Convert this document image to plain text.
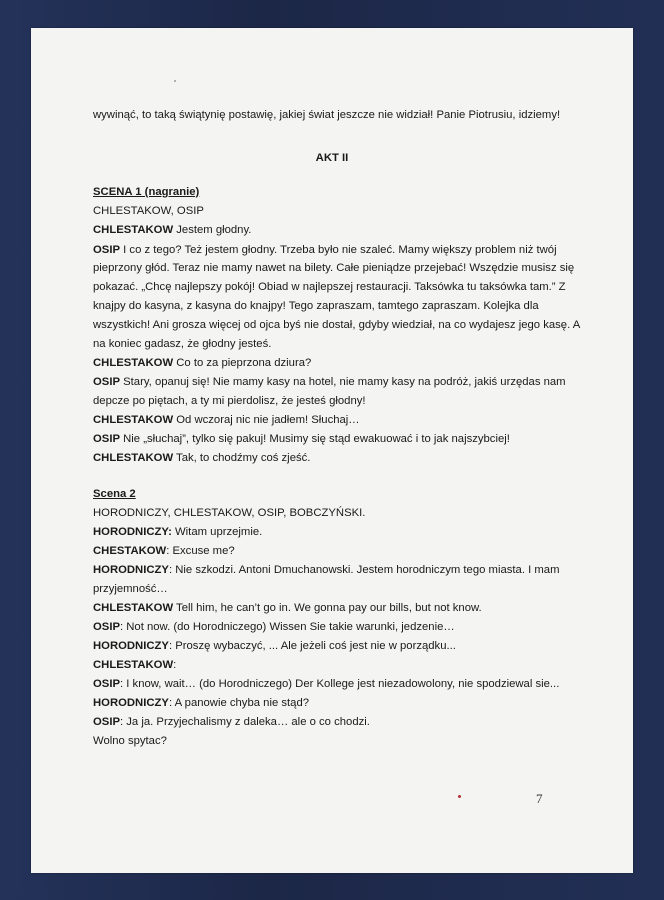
wywinąć, to taką świątynię postawię, jakiej świat jeszcze nie widział! Panie Piotrusiu, idziemy!
AKT II
SCENA 1 (nagranie)
CHLESTAKOW, OSIP
CHLESTAKOW Jestem głodny.
OSIP I co z tego? Też jestem głodny. Trzeba było nie szaleć. Mamy większy problem niż twój
pieprzony głód. Teraz nie mamy nawet na bilety. Całe pieniądze przejebać! Wszędzie musisz się
pokazać. „Chcę najlepszy pokój! Obiad w najlepszej restauracji. Taksówka tu taksówka tam.” Z
knajpy do kasyna, z kasyna do knajpy! Tego zapraszam, tamtego zapraszam. Kolejka dla
wszystkich! Ani grosza więcej od ojca byś nie dostał, gdyby wiedział, na co wydajesz jego kasę. A
na koniec gadasz, że głodny jesteś.
CHLESTAKOW Co to za pieprzona dziura?
OSIP Stary, opanuj się! Nie mamy kasy na hotel, nie mamy kasy na podróż, jakiś urzędas nam
depcze po piętach, a ty mi pierdolisz, że jesteś głodny!
CHLESTAKOW Od wczoraj nic nie jadłem! Słuchaj…
OSIP Nie „słuchaj”, tylko się pakuj! Musimy się stąd ewakuować i to jak najszybciej!
CHLESTAKOW Tak, to chodźmy coś zjeść.
Scena 2
HORODNICZY, CHLESTAKOW, OSIP, BOBCZYŃSKI.
HORODNICZY: Witam uprzejmie.
CHESTAKOW: Excuse me?
HORODNICZY: Nie szkodzi. Antoni Dmuchanowski. Jestem horodniczym tego miasta. I mam
przyjemność…
CHLESTAKOW Tell him, he can’t go in. We gonna pay our bills, but not know.
OSIP: Not now. (do Horodniczego) Wissen Sie takie warunki, jedzenie…
HORODNICZY: Proszę wybaczyć, ... Ale jeżeli coś jest nie w porządku...
CHLESTAKOW:
OSIP: I know, wait… (do Horodniczego) Der Kollege jest niezadowolony, nie spodziewal sie...
HORODNICZY: A panowie chyba nie stąd?
OSIP: Ja ja. Przyjechalismy z daleka… ale o co chodzi.
Wolno spytac?
7
